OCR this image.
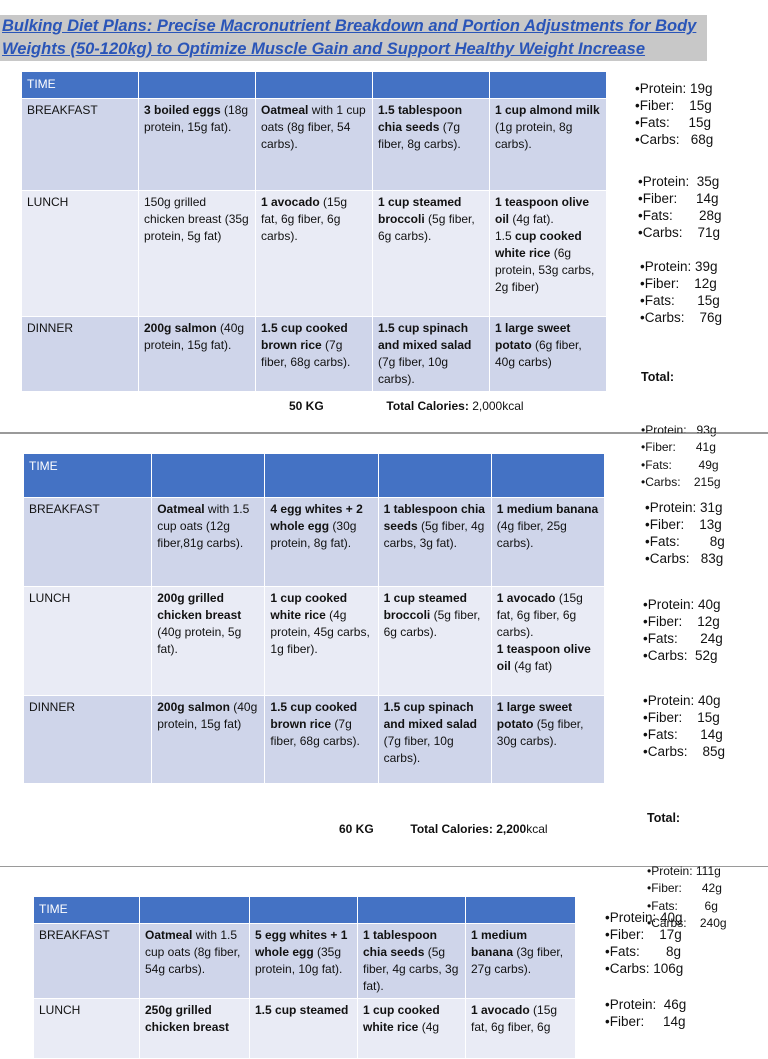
Bulking Diet Plans: Precise Macronutrient Breakdown and Portion Adjustments for Body
Weights (50-120kg) to Optimize Muscle Gain and Support Healthy Weight Increase
TIME				
BREAKFAST	3 boiled eggs (18g protein, 15g fat).	Oatmeal with 1 cup oats (8g fiber, 54 carbs).	1.5 tablespoon chia seeds (7g fiber, 8g carbs).	1 cup almond milk (1g protein, 8g carbs).
LUNCH	150g grilled chicken breast (35g protein, 5g fat)	1 avocado (15g fat, 6g fiber, 6g carbs).	1 cup steamed broccoli (5g fiber, 6g carbs).	1 teaspoon olive oil (4g fat).
1.5 cup cooked white rice (6g protein, 53g carbs, 2g fiber)
DINNER	200g salmon (40g protein, 15g fat).	1.5 cup cooked brown rice (7g fiber, 68g carbs).	1.5 cup spinach and mixed salad (7g fiber, 10g carbs).	1 large sweet potato (6g fiber, 40g carbs)
50 KG	Total Calories: 2,000kcal
•Protein: 19g
•Fiber:    15g
•Fats:     15g
•Carbs:   68g
•Protein:  35g
•Fiber:     14g
•Fats:       28g
•Carbs:    71g
•Protein: 39g
•Fiber:    12g
•Fats:      15g
•Carbs:    76g

Total:

•Protein:   93g
•Fiber:      41g
•Fats:        49g
•Carbs:    215g

TIME				
BREAKFAST	Oatmeal with 1.5 cup oats (12g fiber,81g carbs).	4 egg whites + 2 whole egg (30g protein, 8g fat).	1 tablespoon chia seeds (5g fiber, 4g carbs, 3g fat).	1 medium banana (4g fiber, 25g carbs).
LUNCH	200g grilled chicken breast (40g protein, 5g fat).	1 cup cooked white rice (4g protein, 45g carbs, 1g fiber).	1 cup steamed broccoli (5g fiber, 6g carbs).	1 avocado (15g fat, 6g fiber, 6g carbs).
1 teaspoon olive oil (4g fat)
DINNER	200g salmon (40g protein, 15g fat)	1.5 cup cooked brown rice (7g fiber, 68g carbs).	1.5 cup spinach and mixed salad (7g fiber, 10g carbs).	1 large sweet potato (5g fiber, 30g carbs).
60 KG	Total Calories: 2,200kcal
•Protein: 31g
•Fiber:    13g
•Fats:        8g
•Carbs:   83g
•Protein: 40g
•Fiber:    12g
•Fats:      24g
•Carbs:  52g
•Protein: 40g
•Fiber:    15g
•Fats:      14g
•Carbs:    85g

Total:

•Protein: 111g
•Fiber:      42g
•Fats:        6g
•Carbs:    240g

TIME				
BREAKFAST	Oatmeal with 1.5 cup oats (8g fiber, 54g carbs).	5 egg whites + 1 whole egg (35g protein, 10g fat).	1 tablespoon chia seeds (5g fiber, 4g carbs, 3g fat).	1 medium banana (3g fiber, 27g carbs).
LUNCH	250g grilled chicken breast	1.5 cup steamed	1 cup cooked white rice (4g	1 avocado (15g fat, 6g fiber, 6g
•Protein: 40g
•Fiber:    17g
•Fats:       8g
•Carbs: 106g
•Protein:  46g
•Fiber:     14g
